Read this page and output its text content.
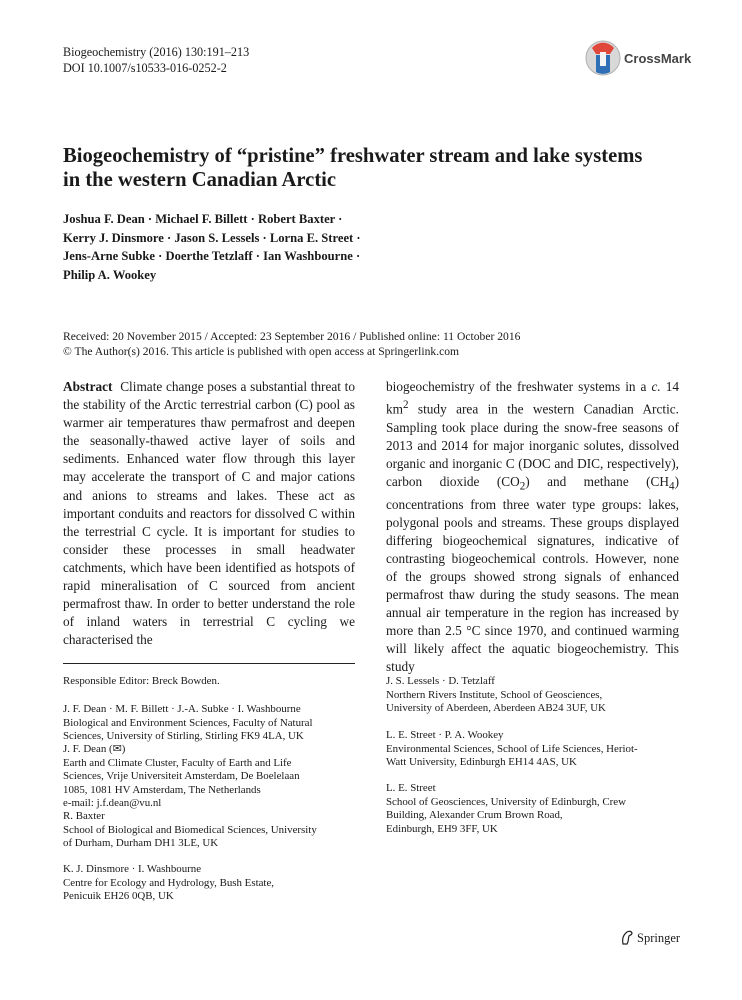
Biogeochemistry (2016) 130:191–213
DOI 10.1007/s10533-016-0252-2
CrossMark
Biogeochemistry of “pristine” freshwater stream and lake systems in the western Canadian Arctic
Joshua F. Dean · Michael F. Billett · Robert Baxter ·
Kerry J. Dinsmore · Jason S. Lessels · Lorna E. Street ·
Jens-Arne Subke · Doerthe Tetzlaff · Ian Washbourne ·
Philip A. Wookey
Received: 20 November 2015 / Accepted: 23 September 2016 / Published online: 11 October 2016
© The Author(s) 2016. This article is published with open access at Springerlink.com
Abstract Climate change poses a substantial threat to the stability of the Arctic terrestrial carbon (C) pool as warmer air temperatures thaw permafrost and deepen the seasonally-thawed active layer of soils and sediments. Enhanced water flow through this layer may accelerate the transport of C and major cations and anions to streams and lakes. These act as important conduits and reactors for dissolved C within the terrestrial C cycle. It is important for studies to consider these processes in small headwater catchments, which have been identified as hotspots of rapid mineralisation of C sourced from ancient permafrost thaw. In order to better understand the role of inland waters in terrestrial C cycling we characterised the
biogeochemistry of the freshwater systems in a c. 14 $km^2$ study area in the western Canadian Arctic. Sampling took place during the snow-free seasons of 2013 and 2014 for major inorganic solutes, dissolved organic and inorganic C (DOC and DIC, respectively), carbon dioxide $(CO_2)$ and methane $(CH_4)$ concentrations from three water type groups: lakes, polygonal pools and streams. These groups displayed differing biogeochemical signatures, indicative of contrasting biogeochemical controls. However, none of the groups showed strong signals of enhanced permafrost thaw during the study seasons. The mean annual air temperature in the region has increased by more than 2.5 °C since 1970, and continued warming will likely affect the aquatic biogeochemistry. This study
Responsible Editor: Breck Bowden.

J. F. Dean · M. F. Billett · J.-A. Subke · I. Washbourne

Biological and Environment Sciences, Faculty of Natural

Sciences, University of Stirling, Stirling FK9 4LA, UK

J. F. Dean (✉)

Earth and Climate Cluster, Faculty of Earth and Life

Sciences, Vrije Universiteit Amsterdam, De Boelelaan

1085, 1081 HV Amsterdam, The Netherlands

e-mail: j.f.dean@vu.nl

R. Baxter

School of Biological and Biomedical Sciences, University

of Durham, Durham DH1 3LE, UK

K. J. Dinsmore · I. Washbourne

Centre for Ecology and Hydrology, Bush Estate,

Penicuik EH26 0QB, UK

J. S. Lessels · D. Tetzlaff

Northern Rivers Institute, School of Geosciences,

University of Aberdeen, Aberdeen AB24 3UF, UK

L. E. Street · P. A. Wookey

Environmental Sciences, School of Life Sciences, Heriot-

Watt University, Edinburgh EH14 4AS, UK

L. E. Street

School of Geosciences, University of Edinburgh, Crew

Building, Alexander Crum Brown Road,

Edinburgh, EH9 3FF, UK

Springer
